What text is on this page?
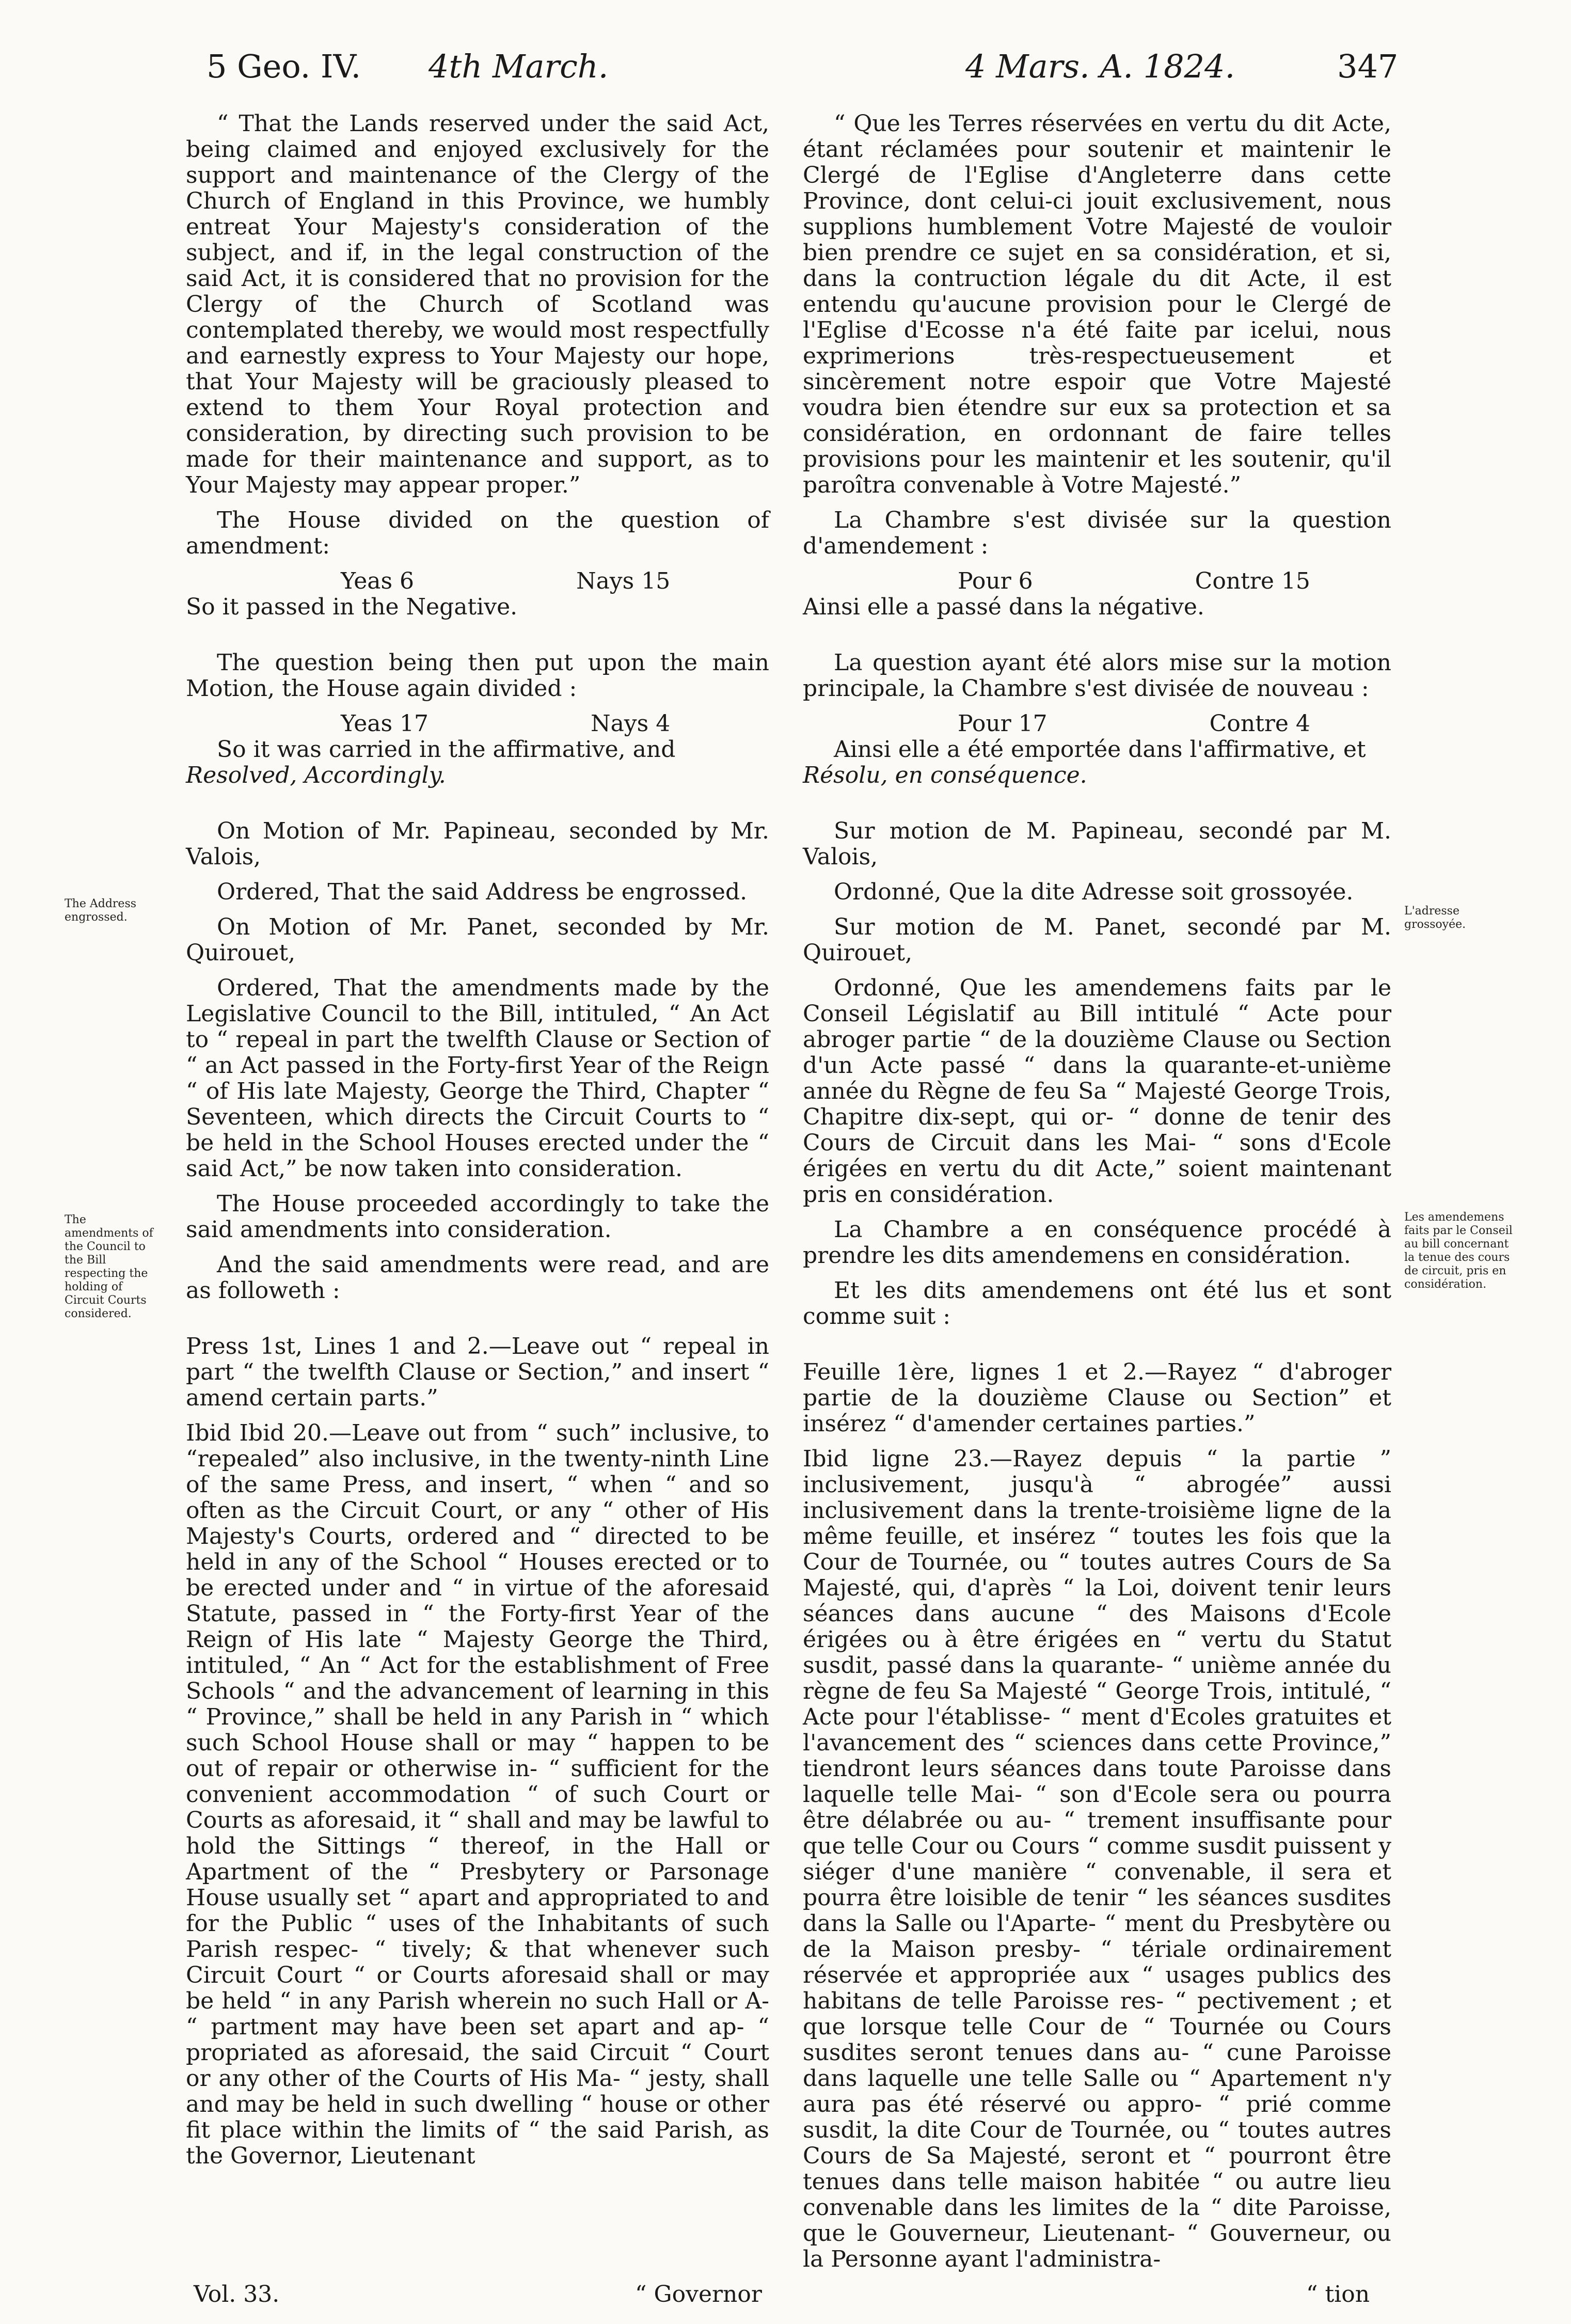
5 Geo. IV. 4th March.	4 Mars. A. 1824.	347

“ That the Lands reserved under the said Act, being claimed and enjoyed exclusively for the support and maintenance of the Clergy of the Church of England in this Province, we humbly entreat Your Majesty's consideration of the subject, and if, in the legal construction of the said Act, it is considered that no provision for the Clergy of the Church of Scotland was contemplated thereby, we would most respectfully and earnestly express to Your Majesty our hope, that Your Majesty will be graciously pleased to extend to them Your Royal protection and consideration, by directing such provision to be made for their maintenance and support, as to Your Majesty may appear proper.”

The House divided on the question of amendment:

Yeas 6	Nays 15

So it passed in the Negative.

The question being then put upon the main Motion, the House again divided :

Yeas 17	Nays 4

So it was carried in the affirmative, and

Resolved, Accordingly.

On Motion of Mr. Papineau, seconded by Mr. Valois,

Ordered, That the said Address be engrossed.

On Motion of Mr. Panet, seconded by Mr. Quirouet,

Ordered, That the amendments made by the Legislative Council to the Bill, intituled, “ An Act to “ repeal in part the twelfth Clause or Section of “ an Act passed in the Forty-first Year of the Reign “ of His late Majesty, George the Third, Chapter “ Seventeen, which directs the Circuit Courts to “ be held in the School Houses erected under the “ said Act,” be now taken into consideration.

The House proceeded accordingly to take the said amendments into consideration.

And the said amendments were read, and are as followeth :

Press 1st, Lines 1 and 2.—Leave out “ repeal in part “ the twelfth Clause or Section,” and insert “ amend certain parts.”

Ibid Ibid 20.—Leave out from “ such” inclusive, to “repealed” also inclusive, in the twenty-ninth Line of the same Press, and insert, “ when “ and so often as the Circuit Court, or any “ other of His Majesty's Courts, ordered and “ directed to be held in any of the School “ Houses erected or to be erected under and “ in virtue of the aforesaid Statute, passed in “ the Forty-first Year of the Reign of His late “ Majesty George the Third, intituled, “ An “ Act for the establishment of Free Schools “ and the advancement of learning in this “ Province,” shall be held in any Parish in “ which such School House shall or may “ happen to be out of repair or otherwise in- “ sufficient for the convenient accommodation “ of such Court or Courts as aforesaid, it “ shall and may be lawful to hold the Sittings “ thereof, in the Hall or Apartment of the “ Presbytery or Parsonage House usually set “ apart and appropriated to and for the Public “ uses of the Inhabitants of such Parish respec- “ tively; & that whenever such Circuit Court “ or Courts aforesaid shall or may be held “ in any Parish wherein no such Hall or A- “ partment may have been set apart and ap- “ propriated as aforesaid, the said Circuit “ Court or any other of the Courts of His Ma- “ jesty, shall and may be held in such dwelling “ house or other fit place within the limits of “ the said Parish, as the Governor, Lieutenant

“ Que les Terres réservées en vertu du dit Acte, étant réclamées pour soutenir et maintenir le Clergé de l'Eglise d'Angleterre dans cette Province, dont celui-ci jouit exclusivement, nous supplions humblement Votre Majesté de vouloir bien prendre ce sujet en sa considération, et si, dans la contruction légale du dit Acte, il est entendu qu'aucune provision pour le Clergé de l'Eglise d'Ecosse n'a été faite par icelui, nous exprimerions très-respectueusement et sincèrement notre espoir que Votre Majesté voudra bien étendre sur eux sa protection et sa considération, en ordonnant de faire telles provisions pour les maintenir et les soutenir, qu'il paroîtra convenable à Votre Majesté.”

La Chambre s'est divisée sur la question d'amendement :

Pour 6	Contre 15

Ainsi elle a passé dans la négative.

La question ayant été alors mise sur la motion principale, la Chambre s'est divisée de nouveau :

Pour 17	Contre 4

Ainsi elle a été emportée dans l'affirmative, et

Résolu, en conséquence.

Sur motion de M. Papineau, secondé par M. Valois,

Ordonné, Que la dite Adresse soit grossoyée.

Sur motion de M. Panet, secondé par M. Quirouet,

Ordonné, Que les amendemens faits par le Conseil Législatif au Bill intitulé “ Acte pour abroger partie “ de la douzième Clause ou Section d'un Acte passé “ dans la quarante-et-unième année du Règne de feu Sa “ Majesté George Trois, Chapitre dix-sept, qui or- “ donne de tenir des Cours de Circuit dans les Mai- “ sons d'Ecole érigées en vertu du dit Acte,” soient maintenant pris en considération.

La Chambre a en conséquence procédé à prendre les dits amendemens en considération.

Et les dits amendemens ont été lus et sont comme suit :

Feuille 1ère, lignes 1 et 2.—Rayez “ d'abroger partie de la douzième Clause ou Section” et insérez “ d'amender certaines parties.”

Ibid ligne 23.—Rayez depuis “ la partie ” inclusivement, jusqu'à “ abrogée” aussi inclusivement dans la trente-troisième ligne de la même feuille, et insérez “ toutes les fois que la Cour de Tournée, ou “ toutes autres Cours de Sa Majesté, qui, d'après “ la Loi, doivent tenir leurs séances dans aucune “ des Maisons d'Ecole érigées ou à être érigées en “ vertu du Statut susdit, passé dans la quarante- “ unième année du règne de feu Sa Majesté “ George Trois, intitulé, “ Acte pour l'établisse- “ ment d'Ecoles gratuites et l'avancement des “ sciences dans cette Province,” tiendront leurs séances dans toute Paroisse dans laquelle telle Mai- “ son d'Ecole sera ou pourra être délabrée ou au- “ trement insuffisante pour que telle Cour ou Cours “ comme susdit puissent y siéger d'une manière “ convenable, il sera et pourra être loisible de tenir “ les séances susdites dans la Salle ou l'Aparte- “ ment du Presbytère ou de la Maison presby- “ tériale ordinairement réservée et appropriée aux “ usages publics des habitans de telle Paroisse res- “ pectivement ; et que lorsque telle Cour de “ Tournée ou Cours susdites seront tenues dans au- “ cune Paroisse dans laquelle une telle Salle ou “ Apartement n'y aura pas été réservé ou appro- “ prié comme susdit, la dite Cour de Tournée, ou “ toutes autres Cours de Sa Majesté, seront et “ pourront être tenues dans telle maison habitée “ ou autre lieu convenable dans les limites de la “ dite Paroisse, que le Gouverneur, Lieutenant- “ Gouverneur, ou la Personne ayant l'administra-

The Address engrossed.
The amendments of the Council to the Bill respecting the holding of Circuit Courts considered.
L'adresse grossoyée.
Les amendemens faits par le Conseil au bill concernant la tenue des cours de circuit, pris en considération.
Vol. 33.	“ Governor	“ tion
